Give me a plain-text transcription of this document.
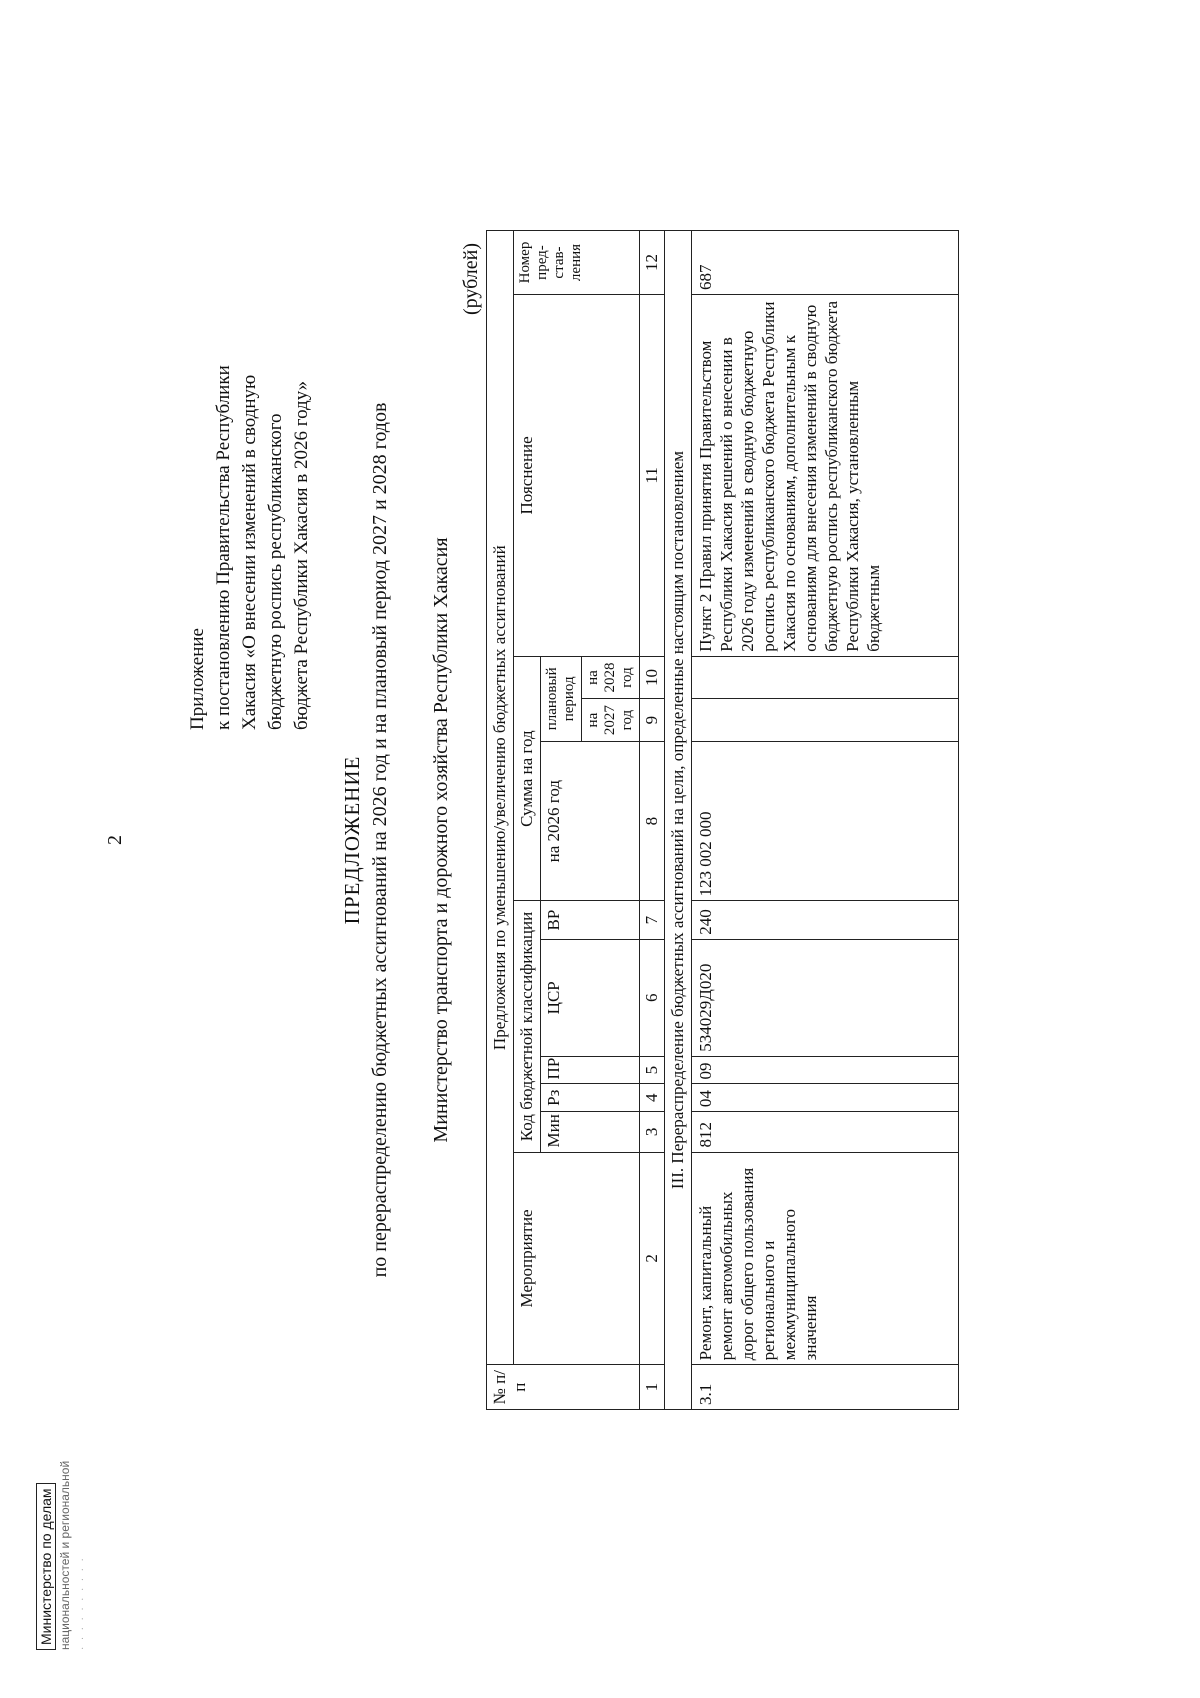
2
Министерство по делам национальностей и региональной · · · · · · · · · ·
Приложение к постановлению Правительства Республики Хакасия «О внесении изменений в сводную бюджетную роспись республиканского бюджета Республики Хакасия в 2026 году»
ПРЕДЛОЖЕНИЕ по перераспределению бюджетных ассигнований на 2026 год и на плановый период 2027 и 2028 годов Министерство транспорта и дорожного хозяйства Республики Хакасия
(рублей)
№ п/п	Предложения по уменьшению/увеличению бюджетных ассигнований										
	Мероприятие	Код бюджетной классификации					Сумма на год			Пояснение	Номер пред-став-ления
		Мин	Рз	ПР	ЦСР	ВР	на 2026 год	плановый период			
								на 2027 год	на 2028 год		
1	2	3	4	5	6	7	8	9	10	11	12
III. Перераспределение бюджетных ассигнований на цели, определенные настоящим постановлением											
3.1	Ремонт, капитальный ремонт автомобильных дорог общего пользования регионального и межмуниципального значения	812	04	09	534029Д020	240	123 002 000			Пункт 2 Правил принятия Правительством Республики Хакасия решений о внесении в 2026 году изменений в сводную бюджетную роспись республиканского бюджета Республики Хакасия по основаниям, дополнительным к основаниям для внесения изменений в сводную бюджетную роспись республиканского бюджета Республики Хакасия, установленным бюджетным	687
